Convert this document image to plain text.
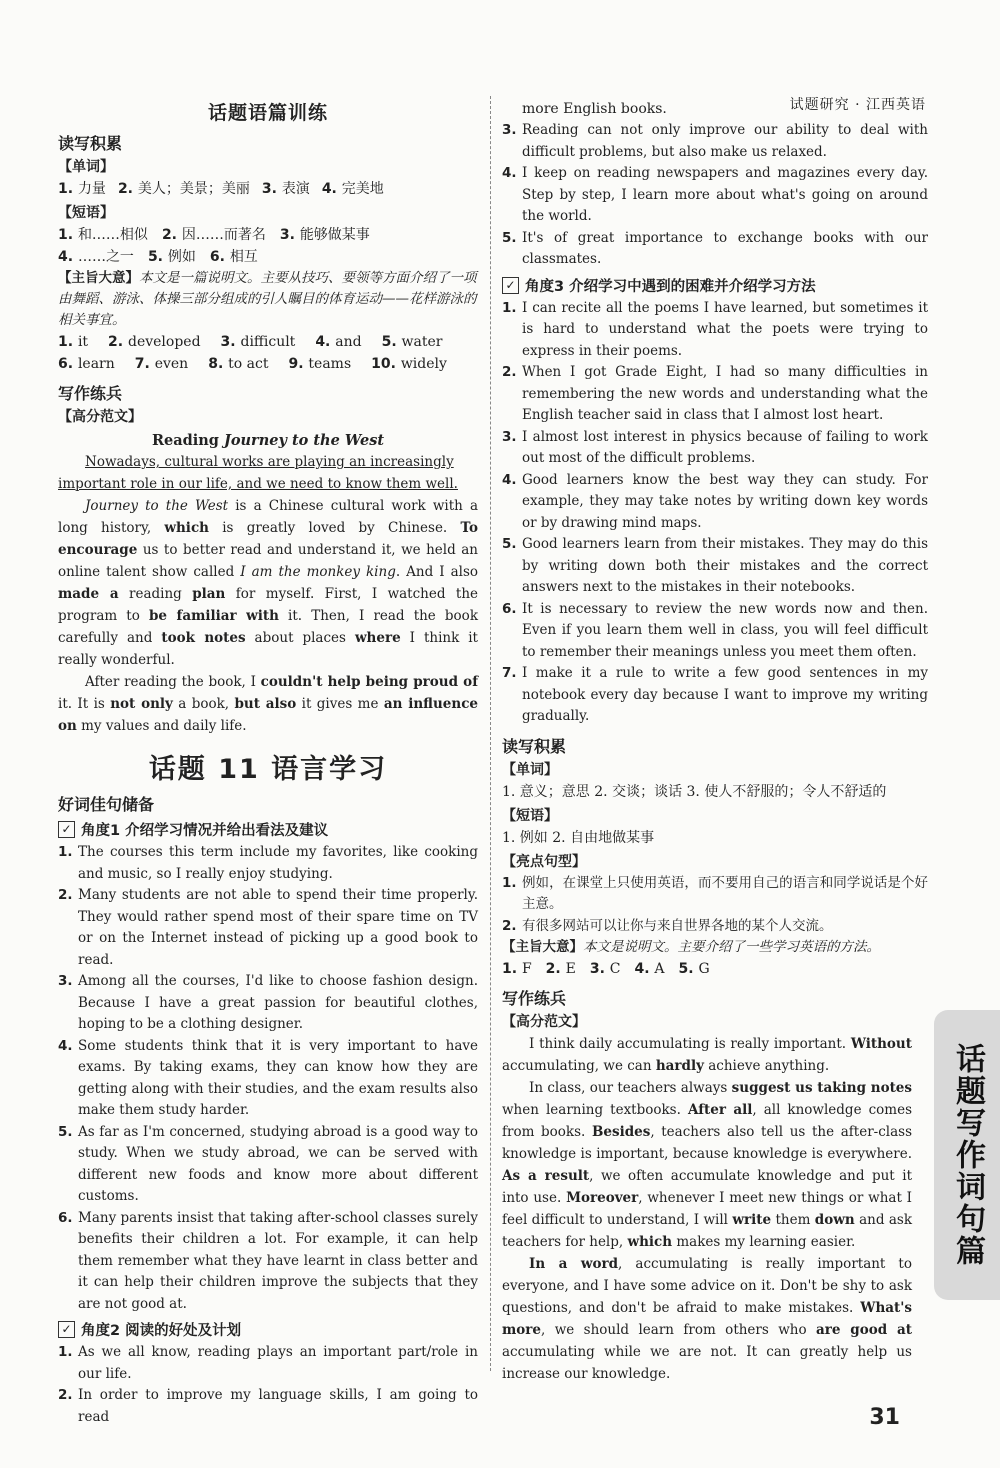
试题研究 · 江西英语
话题语篇训练
读写积累
【单词】
1. 力量 2. 美人；美景；美丽 3. 表演 4. 完美地
【短语】
1. 和……相似 2. 因……而著名 3. 能够做某事
4. ……之一 5. 例如 6. 相互
【主旨大意】本文是一篇说明文。主要从技巧、要领等方面介绍了一项由舞蹈、游泳、体操三部分组成的引人瞩目的体育运动——花样游泳的相关事宜。
1. it 2. developed 3. difficult 4. and 5. water6. learn 7. even 8. to act 9. teams 10. widely
写作练兵
【高分范文】
Reading Journey to the West

Nowadays, cultural works are playing an increasingly important role in our life, and we need to know them well.

Journey to the West is a Chinese cultural work with a long history, which is greatly loved by Chinese. To encourage us to better read and understand it, we held an online talent show called I am the monkey king. And I also made a reading plan for myself. First, I watched the program to be familiar with it. Then, I read the book carefully and took notes about places where I think it really wonderful.

After reading the book, I couldn't help being proud of it. It is not only a book, but also it gives me an influence on my values and daily life.

话题 11 语言学习
好词佳句储备
✓ 角度1 介绍学习情况并给出看法及建议
1. The courses this term include my favorites, like cooking and music, so I really enjoy studying.
2. Many students are not able to spend their time properly. They would rather spend most of their spare time on TV or on the Internet instead of picking up a good book to read.
3. Among all the courses, I'd like to choose fashion design. Because I have a great passion for beautiful clothes, hoping to be a clothing designer.
4. Some students think that it is very important to have exams. By taking exams, they can know how they are getting along with their studies, and the exam results also make them study harder.
5. As far as I'm concerned, studying abroad is a good way to study. When we study abroad, we can be served with different new foods and know more about different customs.
6. Many parents insist that taking after-school classes surely benefits their children a lot. For example, it can help them remember what they have learnt in class better and it can help their children improve the subjects that they are not good at.
✓ 角度2 阅读的好处及计划
1. As we all know, reading plays an important part/role in our life.
2. In order to improve my language skills, I am going to read
more English books.
3. Reading can not only improve our ability to deal with difficult problems, but also make us relaxed.
4. I keep on reading newspapers and magazines every day. Step by step, I learn more about what's going on around the world.
5. It's of great importance to exchange books with our classmates.
✓ 角度3 介绍学习中遇到的困难并介绍学习方法
1. I can recite all the poems I have learned, but sometimes it is hard to understand what the poets were trying to express in their poems.
2. When I got Grade Eight, I had so many difficulties in remembering the new words and understanding what the English teacher said in class that I almost lost heart.
3. I almost lost interest in physics because of failing to work out most of the difficult problems.
4. Good learners know the best way they can study. For example, they may take notes by writing down key words or by drawing mind maps.
5. Good learners learn from their mistakes. They may do this by writing down both their mistakes and the correct answers next to the mistakes in their notebooks.
6. It is necessary to review the new words now and then. Even if you learn them well in class, you will feel difficult to remember their meanings unless you meet them often.
7. I make it a rule to write a few good sentences in my notebook every day because I want to improve my writing gradually.
读写积累
【单词】
1. 意义；意思 2. 交谈；谈话 3. 使人不舒服的；令人不舒适的
【短语】
1. 例如 2. 自由地做某事
【亮点句型】
1. 例如，在课堂上只使用英语，而不要用自己的语言和同学说话是个好主意。
2. 有很多网站可以让你与来自世界各地的某个人交流。
【主旨大意】本文是说明文。主要介绍了一些学习英语的方法。
1. F 2. E 3. C 4. A 5. G
写作练兵
【高分范文】

I think daily accumulating is really important. Without accumulating, we can hardly achieve anything.

In class, our teachers always suggest us taking notes when learning textbooks. After all, all knowledge comes from books. Besides, teachers also tell us the after-class knowledge is important, because knowledge is everywhere. As a result, we often accumulate knowledge and put it into use. Moreover, whenever I meet new things or what I feel difficult to understand, I will write them down and ask teachers for help, which makes my learning easier.

In a word, accumulating is really important to everyone, and I have some advice on it. Don't be shy to ask questions, and don't be afraid to make mistakes. What's more, we should learn from others who are good at accumulating while we are not. It can greatly help us increase our knowledge.

话题写作词句篇
31
